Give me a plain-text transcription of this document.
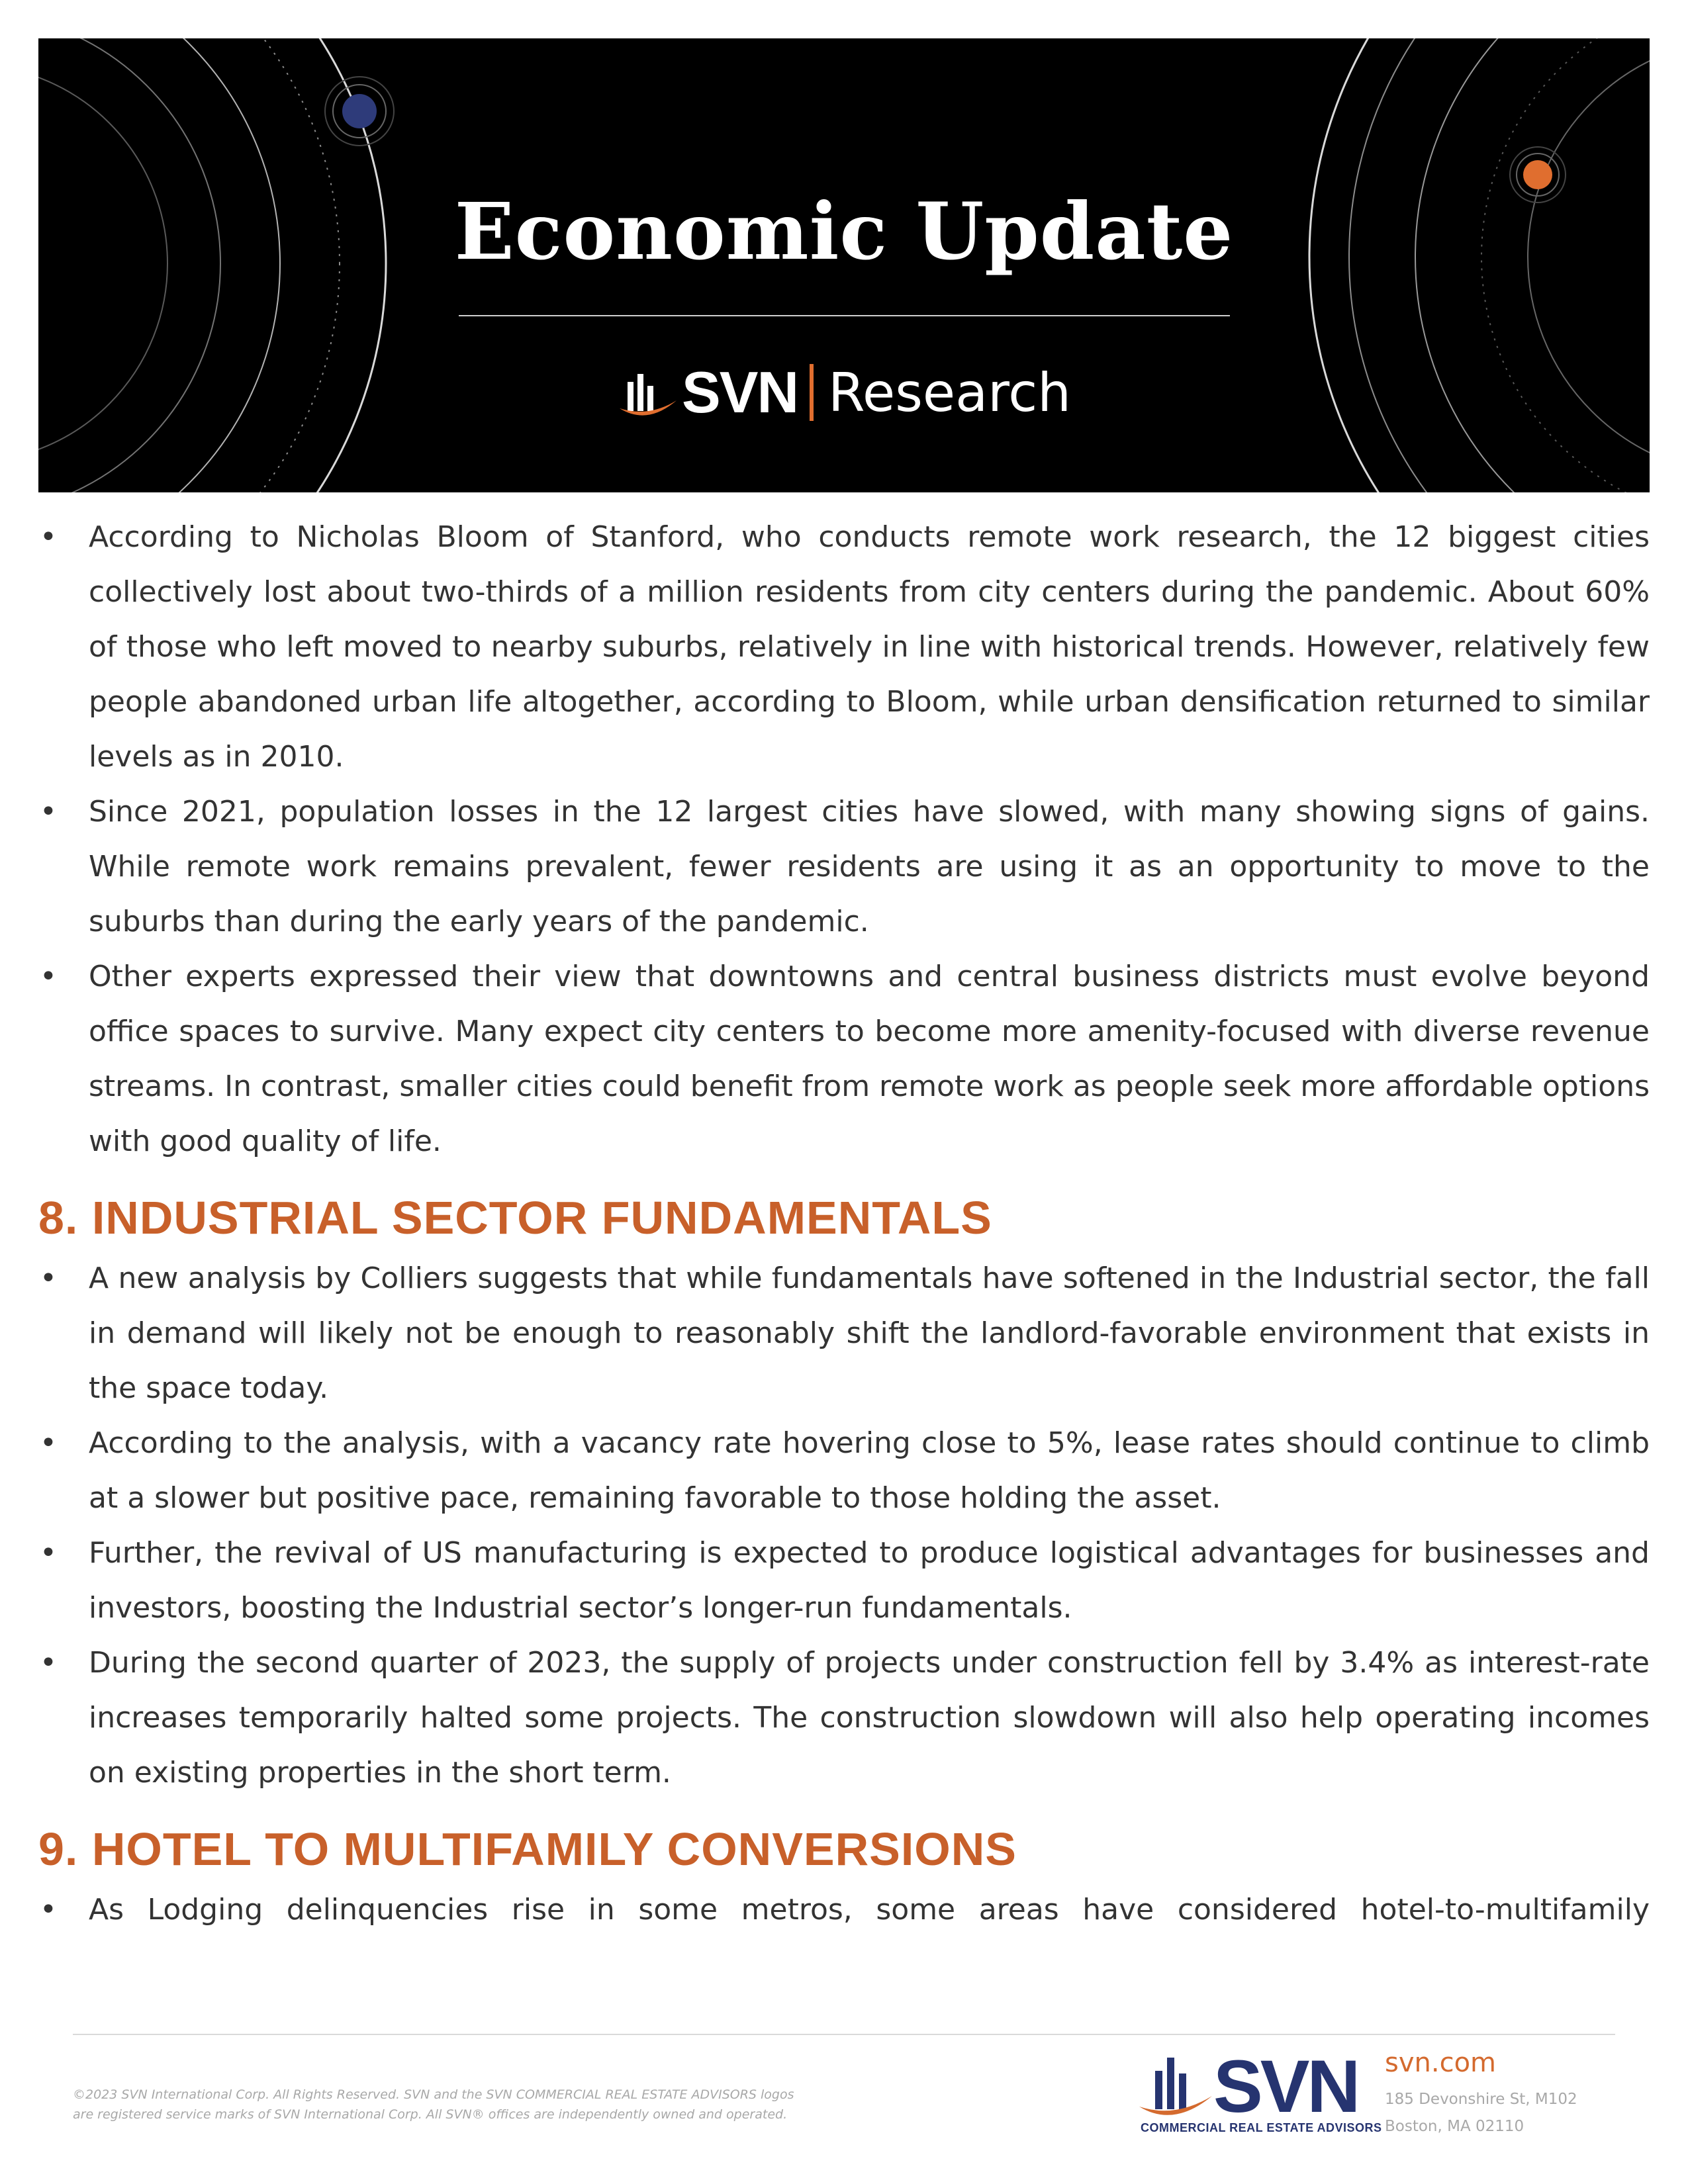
Economic Update
SVN Research
•	According to Nicholas Bloom of Stanford, who conducts remote work research, the 12 biggest cities collectively lost about two-thirds of a million residents from city centers during the pandemic. About 60% of those who left moved to nearby suburbs, relatively in line with historical trends. However, relatively few people abandoned urban life altogether, according to Bloom, while urban densification returned to similar levels as in 2010.
•	Since 2021, population losses in the 12 largest cities have slowed, with many showing signs of gains. While remote work remains prevalent, fewer residents are using it as an opportunity to move to the suburbs than during the early years of the pandemic.
•	Other experts expressed their view that downtowns and central business districts must evolve beyond office spaces to survive. Many expect city centers to become more amenity-focused with diverse revenue streams. In contrast, smaller cities could benefit from remote work as people seek more affordable options with good quality of life.
8. INDUSTRIAL SECTOR FUNDAMENTALS
•	A new analysis by Colliers suggests that while fundamentals have softened in the Industrial sector, the fall in demand will likely not be enough to reasonably shift the landlord-favorable environment that exists in the space today.
•	According to the analysis, with a vacancy rate hovering close to 5%, lease rates should continue to climb at a slower but positive pace, remaining favorable to those holding the asset.
•	Further, the revival of US manufacturing is expected to produce logistical advantages for businesses and investors, boosting the Industrial sector’s longer-run fundamentals.
•	During the second quarter of 2023, the supply of projects under construction fell by 3.4% as interest-rate increases temporarily halted some projects. The construction slowdown will also help operating incomes on existing properties in the short term.
9. HOTEL TO MULTIFAMILY CONVERSIONS
•	As Lodging delinquencies rise in some metros, some areas have considered hotel-to-multifamily
©2023 SVN International Corp. All Rights Reserved. SVN and the SVN COMMERCIAL REAL ESTATE ADVISORS logos
are registered service marks of SVN International Corp. All SVN® offices are independently owned and operated.	SVN
COMMERCIAL REAL ESTATE ADVISORS
svn.com
185 Devonshire St, M102
Boston, MA 02110
